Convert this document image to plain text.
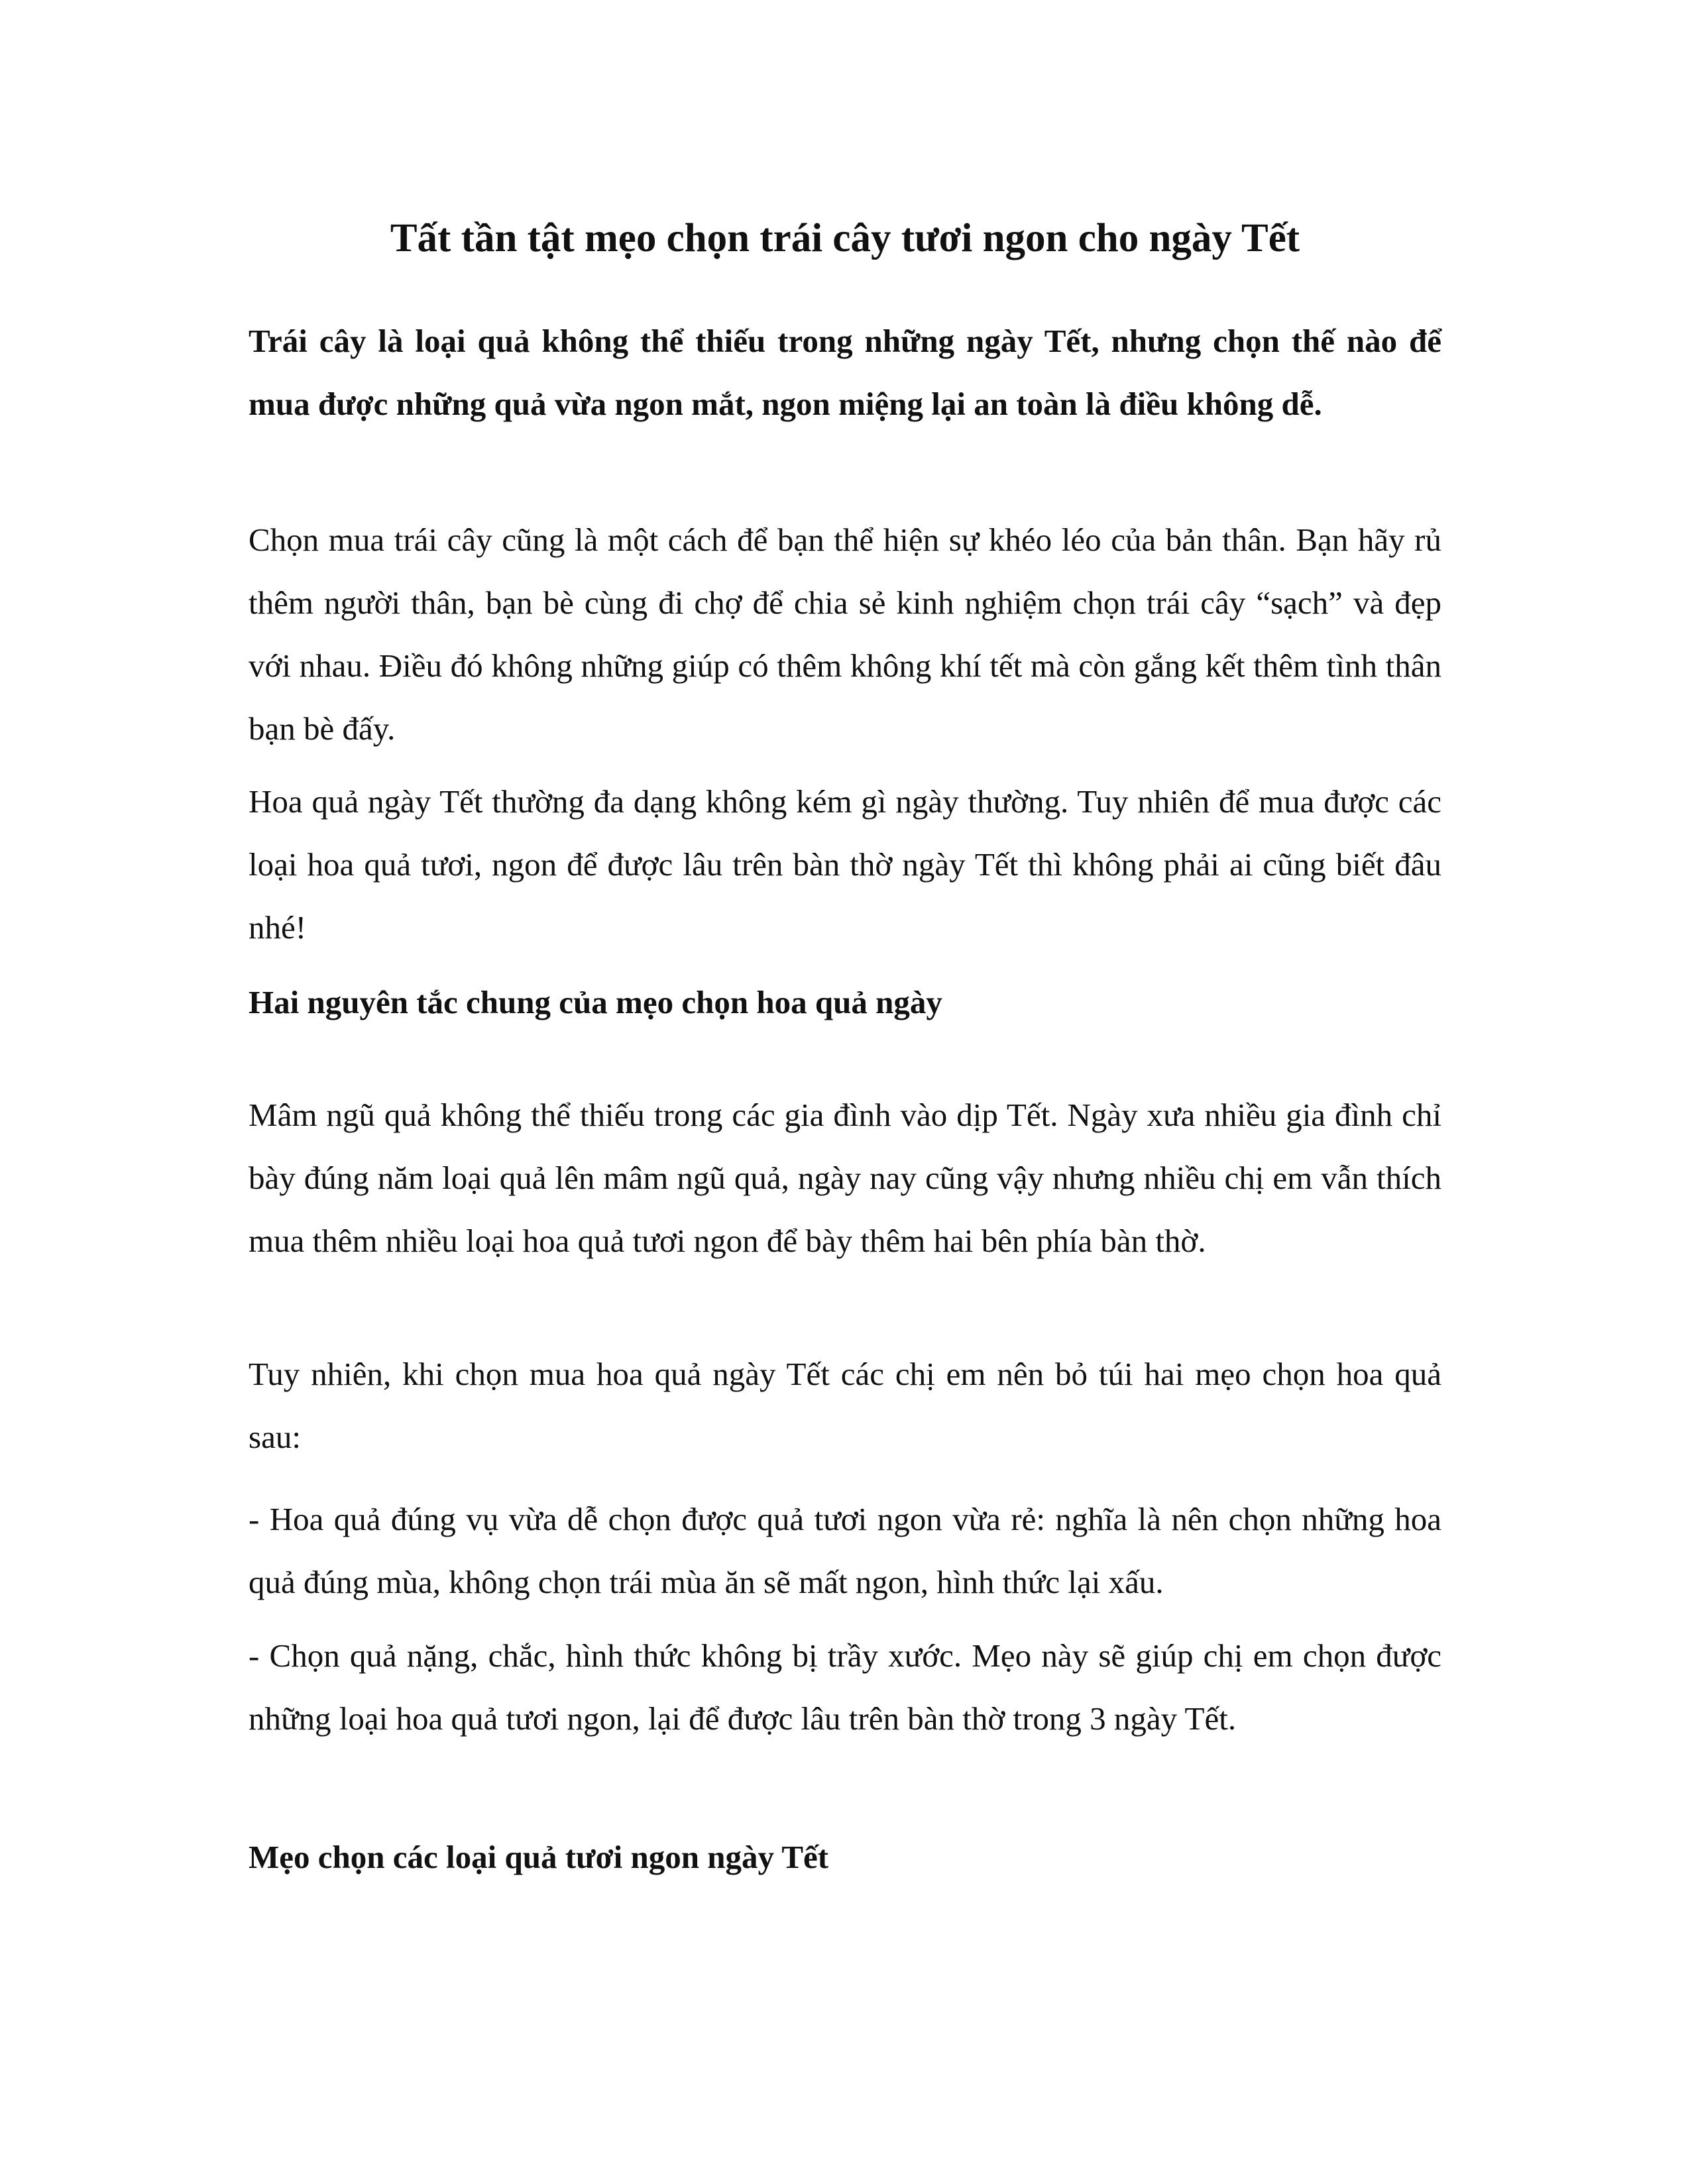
Tất tần tật mẹo chọn trái cây tươi ngon cho ngày Tết

Trái cây là loại quả không thể thiếu trong những ngày Tết, nhưng chọn thế nào để mua được những quả vừa ngon mắt, ngon miệng lại an toàn là điều không dễ.

Chọn mua trái cây cũng là một cách để bạn thể hiện sự khéo léo của bản thân. Bạn hãy rủ thêm người thân, bạn bè cùng đi chợ để chia sẻ kinh nghiệm chọn trái cây “sạch” và đẹp với nhau. Điều đó không những giúp có thêm không khí tết mà còn gắng kết thêm tình thân bạn bè đấy.

Hoa quả ngày Tết thường đa dạng không kém gì ngày thường. Tuy nhiên để mua được các loại hoa quả tươi, ngon để được lâu trên bàn thờ ngày Tết thì không phải ai cũng biết đâu nhé!

Hai nguyên tắc chung của mẹo chọn hoa quả ngày

Mâm ngũ quả không thể thiếu trong các gia đình vào dịp Tết. Ngày xưa nhiều gia đình chỉ bày đúng năm loại quả lên mâm ngũ quả, ngày nay cũng vậy nhưng nhiều chị em vẫn thích mua thêm nhiều loại hoa quả tươi ngon để bày thêm hai bên phía bàn thờ.

Tuy nhiên, khi chọn mua hoa quả ngày Tết các chị em nên bỏ túi hai mẹo chọn hoa quả sau:

- Hoa quả đúng vụ vừa dễ chọn được quả tươi ngon vừa rẻ: nghĩa là nên chọn những hoa quả đúng mùa, không chọn trái mùa ăn sẽ mất ngon, hình thức lại xấu.

- Chọn quả nặng, chắc, hình thức không bị trầy xước. Mẹo này sẽ giúp chị em chọn được những loại hoa quả tươi ngon, lại để được lâu trên bàn thờ trong 3 ngày Tết.

Mẹo chọn các loại quả tươi ngon ngày Tết
